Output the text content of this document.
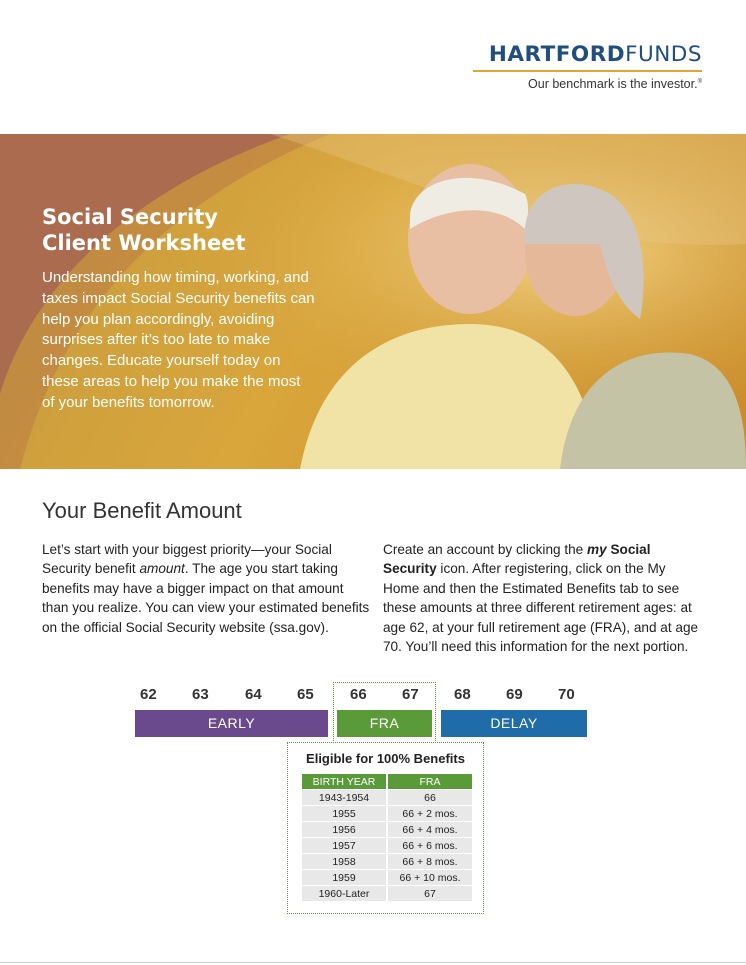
HARTFORDFUNDS
Our benchmark is the investor.®
Social Security
Client Worksheet
Understanding how timing, working, and taxes impact Social Security benefits can help you plan accordingly, avoiding surprises after it’s too late to make changes. Educate yourself today on these areas to help you make the most of your benefits tomorrow.
Your Benefit Amount
Let’s start with your biggest priority—your Social Security benefit amount. The age you start taking benefits may have a bigger impact on that amount than you realize. You can view your estimated benefits on the official Social Security website (ssa.gov).
Create an account by clicking the my Social Security icon. After registering, click on the My Home and then the Estimated Benefits tab to see these amounts at three different retirement ages: at age 62, at your full retirement age (FRA), and at age 70. You’ll need this information for the next portion.
62 63 64 65 66 67 68 69 70
EARLY	FRA	DELAY
Eligible for 100% Benefits
BIRTH YEAR	FRA
1943-1954	66
1955	66 + 2 mos.
1956	66 + 4 mos.
1957	66 + 6 mos.
1958	66 + 8 mos.
1959	66 + 10 mos.
1960-Later	67
